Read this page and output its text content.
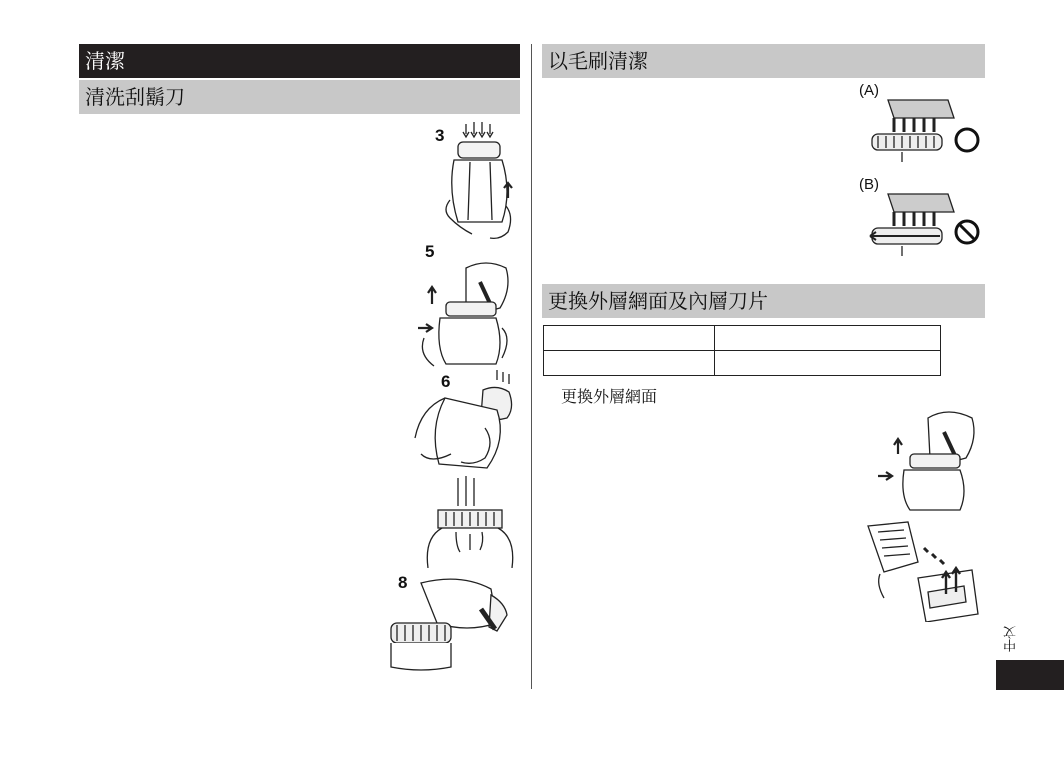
清潔
清洗刮鬍刀
以毛刷清潔
更換外層網面及內層刀片
3
5
6
8
(A)
(B)

更換外層網面
中文
